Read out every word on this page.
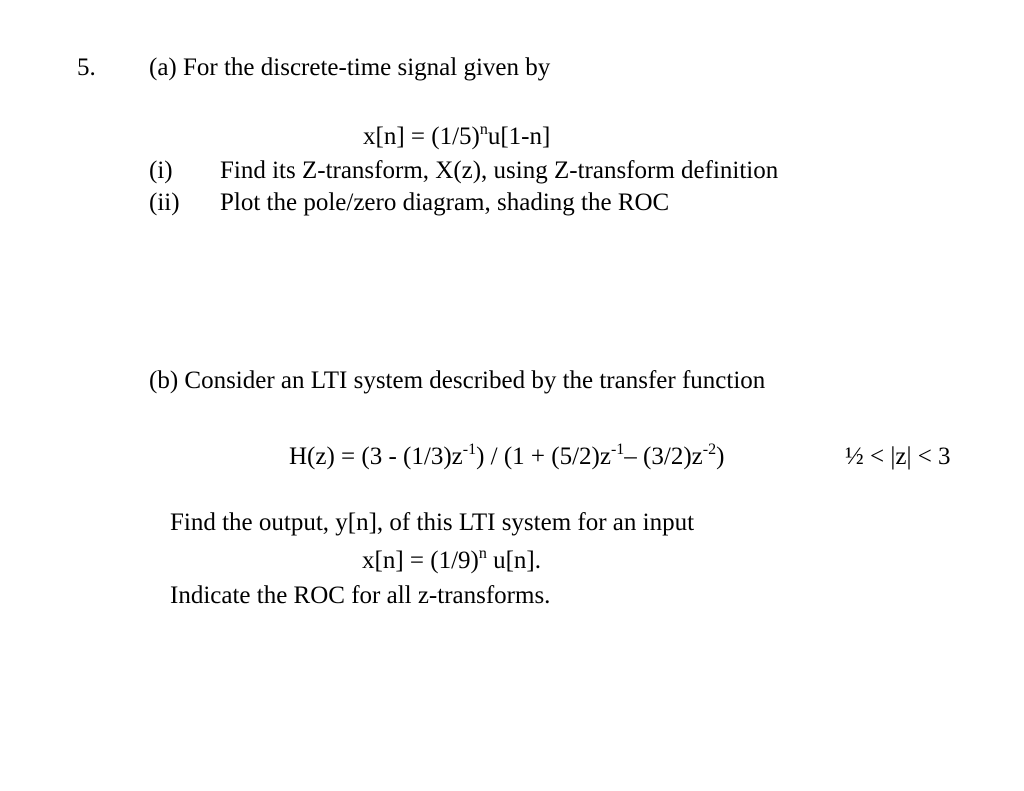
5. (a) For the discrete-time signal given by
$x[n] = (1/5)^nu[1-n]$
(i) Find its Z-transform, X(z), using Z-transform definition
(ii) Plot the pole/zero diagram, shading the ROC
(b) Consider an LTI system described by the transfer function
$H(z) = (3 - (1/3)z^{-1}) / (1 + (5/2)z^{-1}-$ $(3/2)z^{-2}$)	½ < |z| < 3
Find the output, y[n], of this LTI system for an input
$x[n] = (1/9)^n$ u[n].
Indicate the ROC for all z-transforms.
